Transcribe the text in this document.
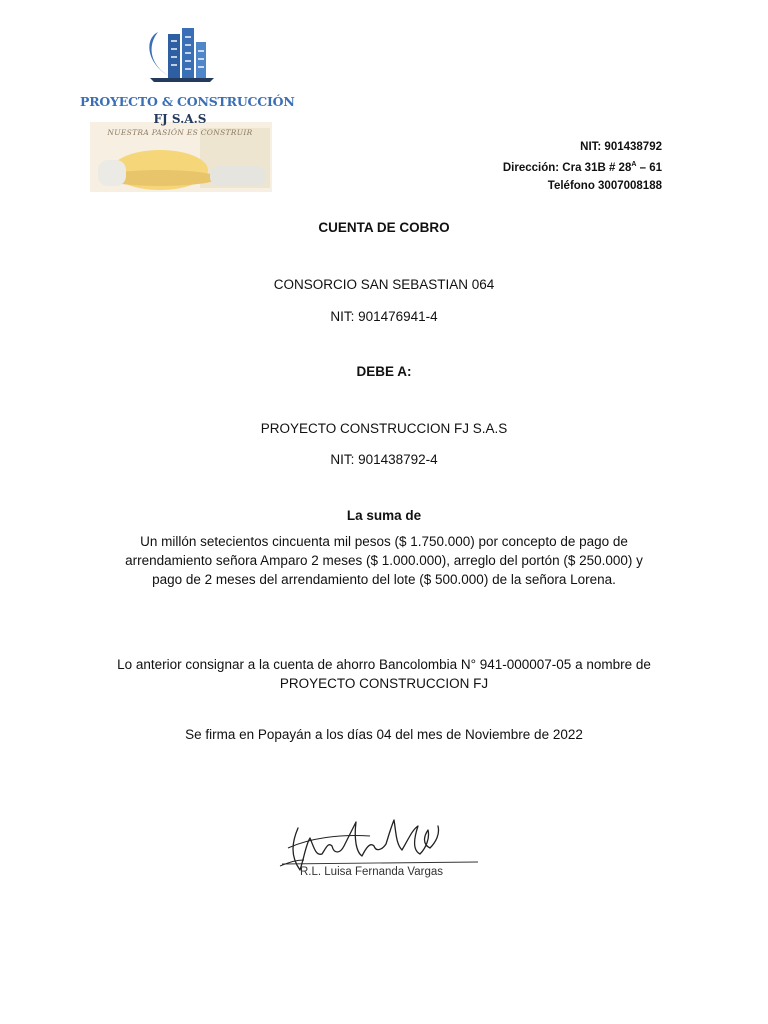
PROYECTO & CONSTRUCCIÓN
FJ S.A.S
NUESTRA PASIÓN ES CONSTRUIR
NIT: 901438792
Dirección: Cra 31B # $28^A - 61$
Teléfono 3007008188
CUENTA DE COBRO
CONSORCIO SAN SEBASTIAN 064
NIT: 901476941-4
DEBE A:
PROYECTO CONSTRUCCION FJ S.A.S
NIT: 901438792-4
La suma de
Un millón setecientos cincuenta mil pesos ($ 1.750.000) por concepto de pago de arrendamiento señora Amparo 2 meses ($ 1.000.000), arreglo del portón ($ 250.000) y pago de 2 meses del arrendamiento del lote ($ 500.000) de la señora Lorena.
Lo anterior consignar a la cuenta de ahorro Bancolombia N° 941-000007-05 a nombre de PROYECTO CONSTRUCCION FJ
Se firma en Popayán a los días 04 del mes de Noviembre de 2022
R.L. Luisa Fernanda Vargas
